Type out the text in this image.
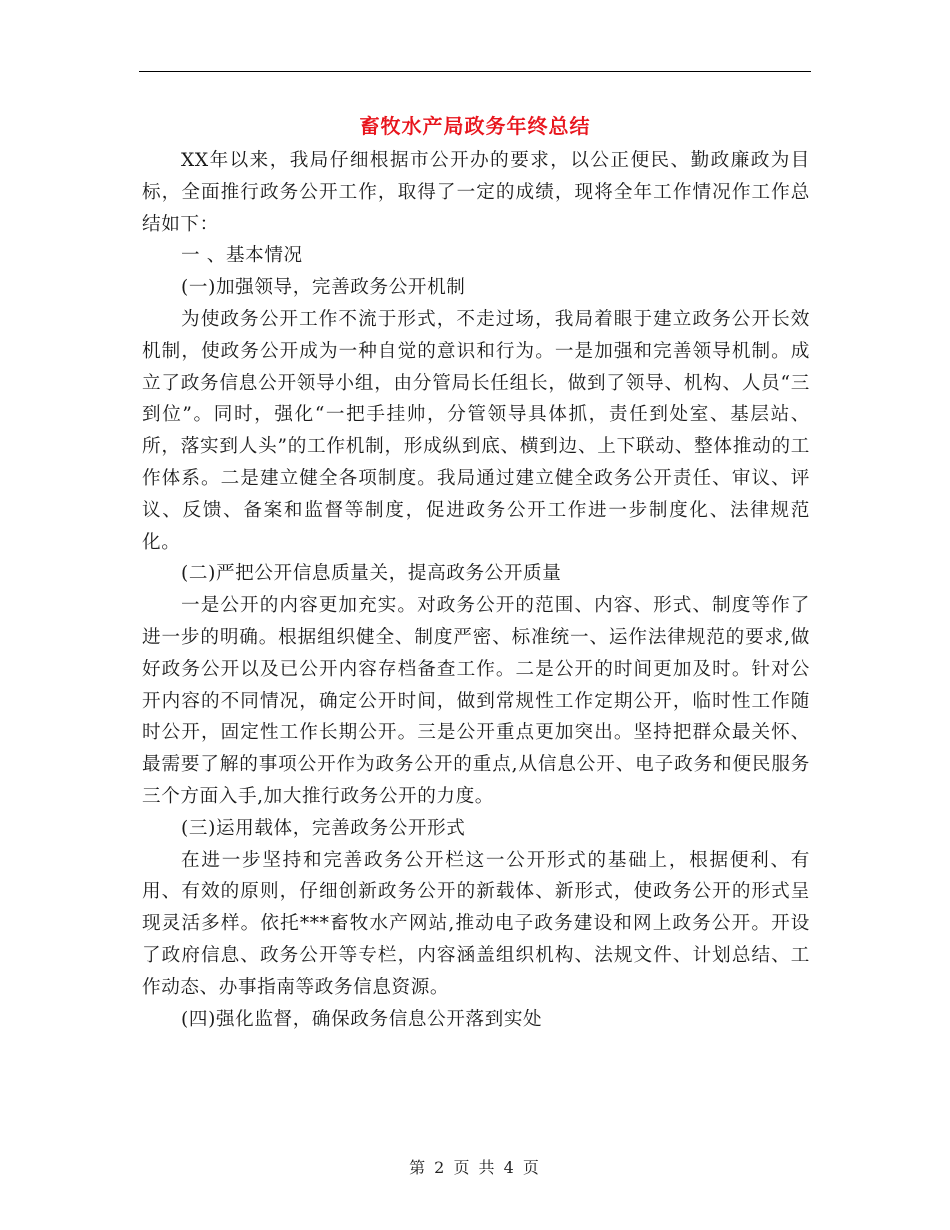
畜牧水产局政务年终总结

XX年以来，我局仔细根据市公开办的要求，以公正便民、勤政廉政为目标，全面推行政务公开工作，取得了一定的成绩，现将全年工作情况作工作总结如下：

一 、基本情况

(一)加强领导，完善政务公开机制

为使政务公开工作不流于形式，不走过场，我局着眼于建立政务公开长效机制，使政务公开成为一种自觉的意识和行为。一是加强和完善领导机制。成立了政务信息公开领导小组，由分管局长任组长，做到了领导、机构、人员“三到位”。同时，强化“一把手挂帅，分管领导具体抓，责任到处室、基层站、所，落实到人头”的工作机制，形成纵到底、横到边、上下联动、整体推动的工作体系。二是建立健全各项制度。我局通过建立健全政务公开责任、审议、评议、反馈、备案和监督等制度，促进政务公开工作进一步制度化、法律规范化。

(二)严把公开信息质量关，提高政务公开质量

一是公开的内容更加充实。对政务公开的范围、内容、形式、制度等作了进一步的明确。根据组织健全、制度严密、标准统一、运作法律规范的要求,做好政务公开以及已公开内容存档备查工作。二是公开的时间更加及时。针对公开内容的不同情况，确定公开时间，做到常规性工作定期公开，临时性工作随时公开，固定性工作长期公开。三是公开重点更加突出。坚持把群众最关怀、最需要了解的事项公开作为政务公开的重点,从信息公开、电子政务和便民服务三个方面入手,加大推行政务公开的力度。

(三)运用载体，完善政务公开形式

在进一步坚持和完善政务公开栏这一公开形式的基础上，根据便利、有用、有效的原则，仔细创新政务公开的新载体、新形式，使政务公开的形式呈现灵活多样。依托***畜牧水产网站,推动电子政务建设和网上政务公开。开设了政府信息、政务公开等专栏，内容涵盖组织机构、法规文件、计划总结、工作动态、办事指南等政务信息资源。

(四)强化监督，确保政务信息公开落到实处

第 2 页 共 4 页
